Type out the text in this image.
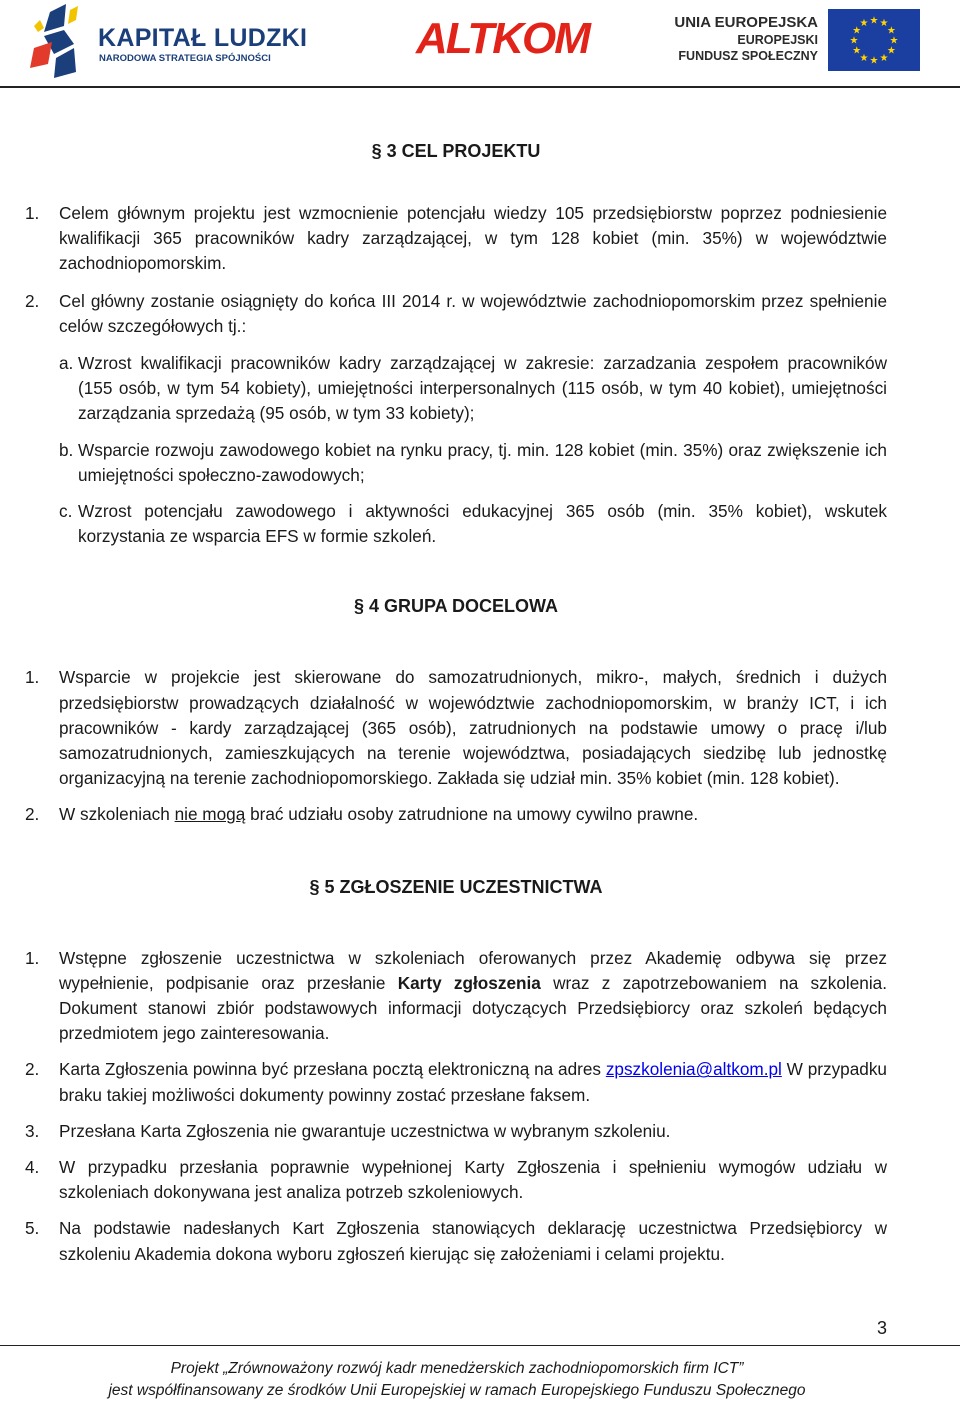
KAPITAŁ LUDZKI
NARODOWA STRATEGIA SPÓJNOŚCI	ALTKOM	UNIA EUROPEJSKA
EUROPEJSKI
FUNDUSZ SPOŁECZNY
★ ★
★
★
★
★
★
★
★
★
★
★

§ 3 CEL PROJEKTU

1. Celem głównym projektu jest wzmocnienie potencjału wiedzy 105 przedsiębiorstw poprzez podniesienie kwalifikacji 365 pracowników kadry zarządzającej, w tym 128 kobiet (min. 35%) w województwie zachodniopomorskim.
2. Cel główny zostanie osiągnięty do końca III 2014 r. w województwie zachodniopomorskim przez spełnienie celów szczegółowych tj.:
a. Wzrost kwalifikacji pracowników kadry zarządzającej w zakresie: zarzadzania zespołem pracowników (155 osób, w tym 54 kobiety), umiejętności interpersonalnych (115 osób, w tym 40 kobiet), umiejętności zarządzania sprzedażą (95 osób, w tym 33 kobiety);
b. Wsparcie rozwoju zawodowego kobiet na rynku pracy, tj. min. 128 kobiet (min. 35%) oraz zwiększenie ich umiejętności społeczno-zawodowych;
c. Wzrost potencjału zawodowego i aktywności edukacyjnej 365 osób (min. 35% kobiet), wskutek korzystania ze wsparcia EFS w formie szkoleń.

§ 4 GRUPA DOCELOWA

1. Wsparcie w projekcie jest skierowane do samozatrudnionych, mikro-, małych, średnich i dużych przedsiębiorstw prowadzących działalność w województwie zachodniopomorskim, w branży ICT, i ich pracowników - kardy zarządzającej (365 osób), zatrudnionych na podstawie umowy o pracę i/lub samozatrudnionych, zamieszkujących na terenie województwa, posiadających siedzibę lub jednostkę organizacyjną na terenie zachodniopomorskiego. Zakłada się udział min. 35% kobiet (min. 128 kobiet).
2. W szkoleniach nie mogą brać udziału osoby zatrudnione na umowy cywilno prawne.

§ 5 ZGŁOSZENIE UCZESTNICTWA

1. Wstępne zgłoszenie uczestnictwa w szkoleniach oferowanych przez Akademię odbywa się przez wypełnienie, podpisanie oraz przesłanie Karty zgłoszenia wraz z zapotrzebowaniem na szkolenia. Dokument stanowi zbiór podstawowych informacji dotyczących Przedsiębiorcy oraz szkoleń będących przedmiotem jego zainteresowania.
2. Karta Zgłoszenia powinna być przesłana pocztą elektroniczną na adres zpszkolenia@altkom.pl W przypadku braku takiej możliwości dokumenty powinny zostać przesłane faksem.
3. Przesłana Karta Zgłoszenia nie gwarantuje uczestnictwa w wybranym szkoleniu.
4. W przypadku przesłania poprawnie wypełnionej Karty Zgłoszenia i spełnieniu wymogów udziału w szkoleniach dokonywana jest analiza potrzeb szkoleniowych.
5. Na podstawie nadesłanych Kart Zgłoszenia stanowiących deklarację uczestnictwa Przedsiębiorcy w szkoleniu Akademia dokona wyboru zgłoszeń kierując się założeniami i celami projektu.
3
Projekt „Zrównoważony rozwój kadr menedżerskich zachodniopomorskich firm ICT”
jest współfinansowany ze środków Unii Europejskiej w ramach Europejskiego Funduszu Społecznego
